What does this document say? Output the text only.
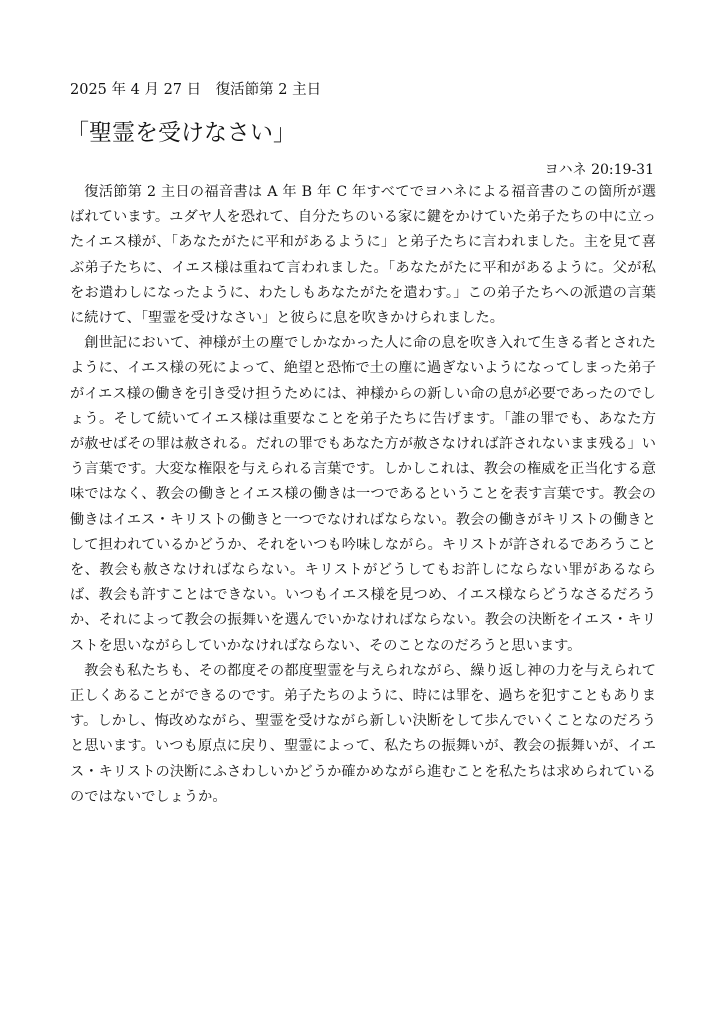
2025 年 4 月 27 日　復活節第 2 主日
「聖霊を受けなさい」
ヨハネ 20:19-31

復活節第 2 主日の福音書は A 年 B 年 C 年すべてでヨハネによる福音書のこの箇所が選ばれています。ユダヤ人を恐れて、自分たちのいる家に鍵をかけていた弟子たちの中に立ったイエス様が、「あなたがたに平和があるように」と弟子たちに言われました。主を見て喜ぶ弟子たちに、イエス様は重ねて言われました。「あなたがたに平和があるように。父が私をお遣わしになったように、わたしもあなたがたを遣わす。」この弟子たちへの派遣の言葉に続けて、「聖霊を受けなさい」と彼らに息を吹きかけられました。

創世記において、神様が土の塵でしかなかった人に命の息を吹き入れて生きる者とされたように、イエス様の死によって、絶望と恐怖で土の塵に過ぎないようになってしまった弟子がイエス様の働きを引き受け担うためには、神様からの新しい命の息が必要であったのでしょう。そして続いてイエス様は重要なことを弟子たちに告げます。「誰の罪でも、あなた方が赦せばその罪は赦される。だれの罪でもあなた方が赦さなければ許されないまま残る」いう言葉です。大変な権限を与えられる言葉です。しかしこれは、教会の権威を正当化する意味ではなく、教会の働きとイエス様の働きは一つであるということを表す言葉です。教会の働きはイエス・キリストの働きと一つでなければならない。教会の働きがキリストの働きとして担われているかどうか、それをいつも吟味しながら。キリストが許されるであろうことを、教会も赦さなければならない。キリストがどうしてもお許しにならない罪があるならば、教会も許すことはできない。いつもイエス様を見つめ、イエス様ならどうなさるだろうか、それによって教会の振舞いを選んでいかなければならない。教会の決断をイエス・キリストを思いながらしていかなければならない、そのことなのだろうと思います。

教会も私たちも、その都度その都度聖霊を与えられながら、繰り返し神の力を与えられて正しくあることができるのです。弟子たちのように、時には罪を、過ちを犯すこともあります。しかし、悔改めながら、聖霊を受けながら新しい決断をして歩んでいくことなのだろうと思います。いつも原点に戻り、聖霊によって、私たちの振舞いが、教会の振舞いが、イエス・キリストの決断にふさわしいかどうか確かめながら進むことを私たちは求められているのではないでしょうか。
